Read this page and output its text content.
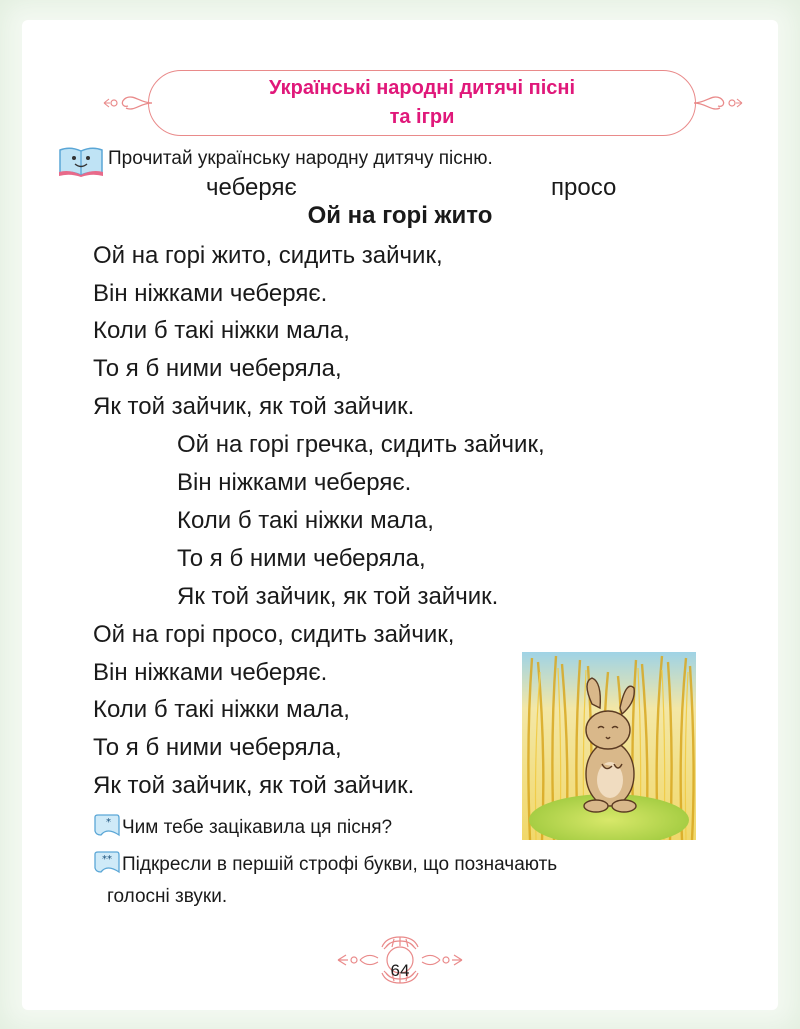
Українські народні дитячі пісні
та ігри
Прочитай українську народну дитячу пісню.
чеберяє	просо
Ой на горі жито
Ой на горі жито, сидить зайчик,
Він ніжками чеберяє.
Коли б такі ніжки мала,
То я б ними чеберяла,
Як той зайчик, як той зайчик.
Ой на горі гречка, сидить зайчик,
Він ніжками чеберяє.
Коли б такі ніжки мала,
То я б ними чеберяла,
Як той зайчик, як той зайчик.
Ой на горі просо, сидить зайчик,
Він ніжками чеберяє.
Коли б такі ніжки мала,
То я б ними чеберяла,
Як той зайчик, як той зайчик.
* Чим тебе зацікавила ця пісня?
** Підкресли в першій строфі букви, що позначають
голосні звуки.
64
